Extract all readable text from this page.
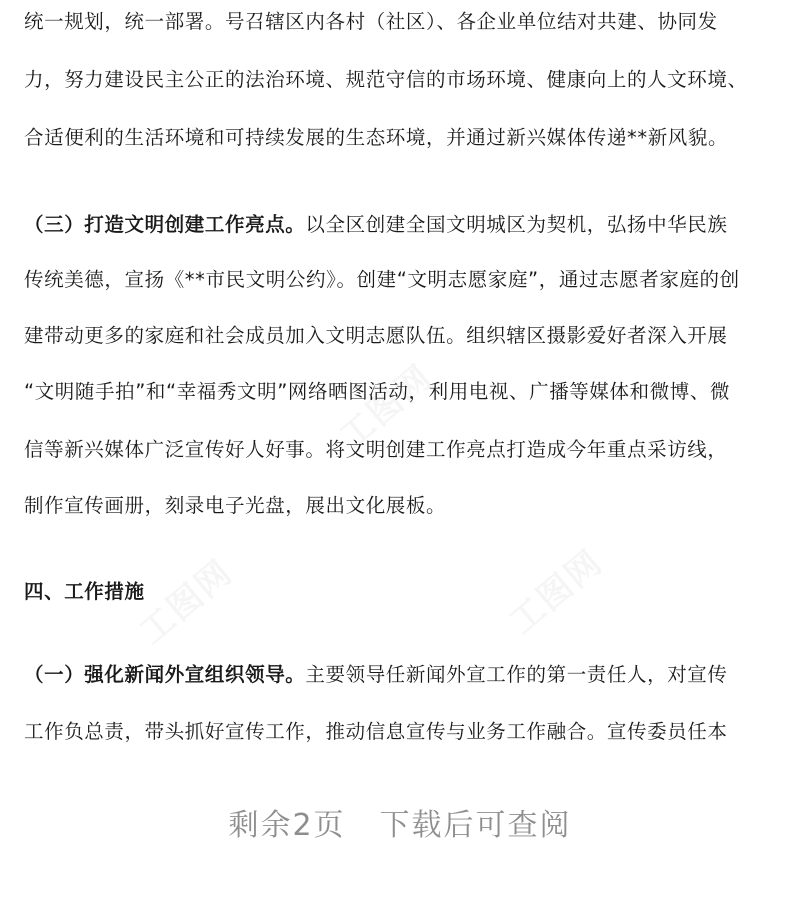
工图网
工图网	工图网
统一规划，统一部署。号召辖区内各村（社区）、各企业单位结对共建、协同发
力，努力建设民主公正的法治环境、规范守信的市场环境、健康向上的人文环境、
合适便利的生活环境和可持续发展的生态环境，并通过新兴媒体传递**新风貌。
（三）打造文明创建工作亮点。以全区创建全国文明城区为契机，弘扬中华民族
传统美德，宣扬《**市民文明公约》。创建“文明志愿家庭”，通过志愿者家庭的创
建带动更多的家庭和社会成员加入文明志愿队伍。组织辖区摄影爱好者深入开展
“文明随手拍”和“幸福秀文明”网络晒图活动，利用电视、广播等媒体和微博、微
信等新兴媒体广泛宣传好人好事。将文明创建工作亮点打造成今年重点采访线，
制作宣传画册，刻录电子光盘，展出文化展板。
四、工作措施
（一）强化新闻外宣组织领导。主要领导任新闻外宣工作的第一责任人，对宣传
工作负总责，带头抓好宣传工作，推动信息宣传与业务工作融合。宣传委员任本
剩余2页 下载后可查阅
